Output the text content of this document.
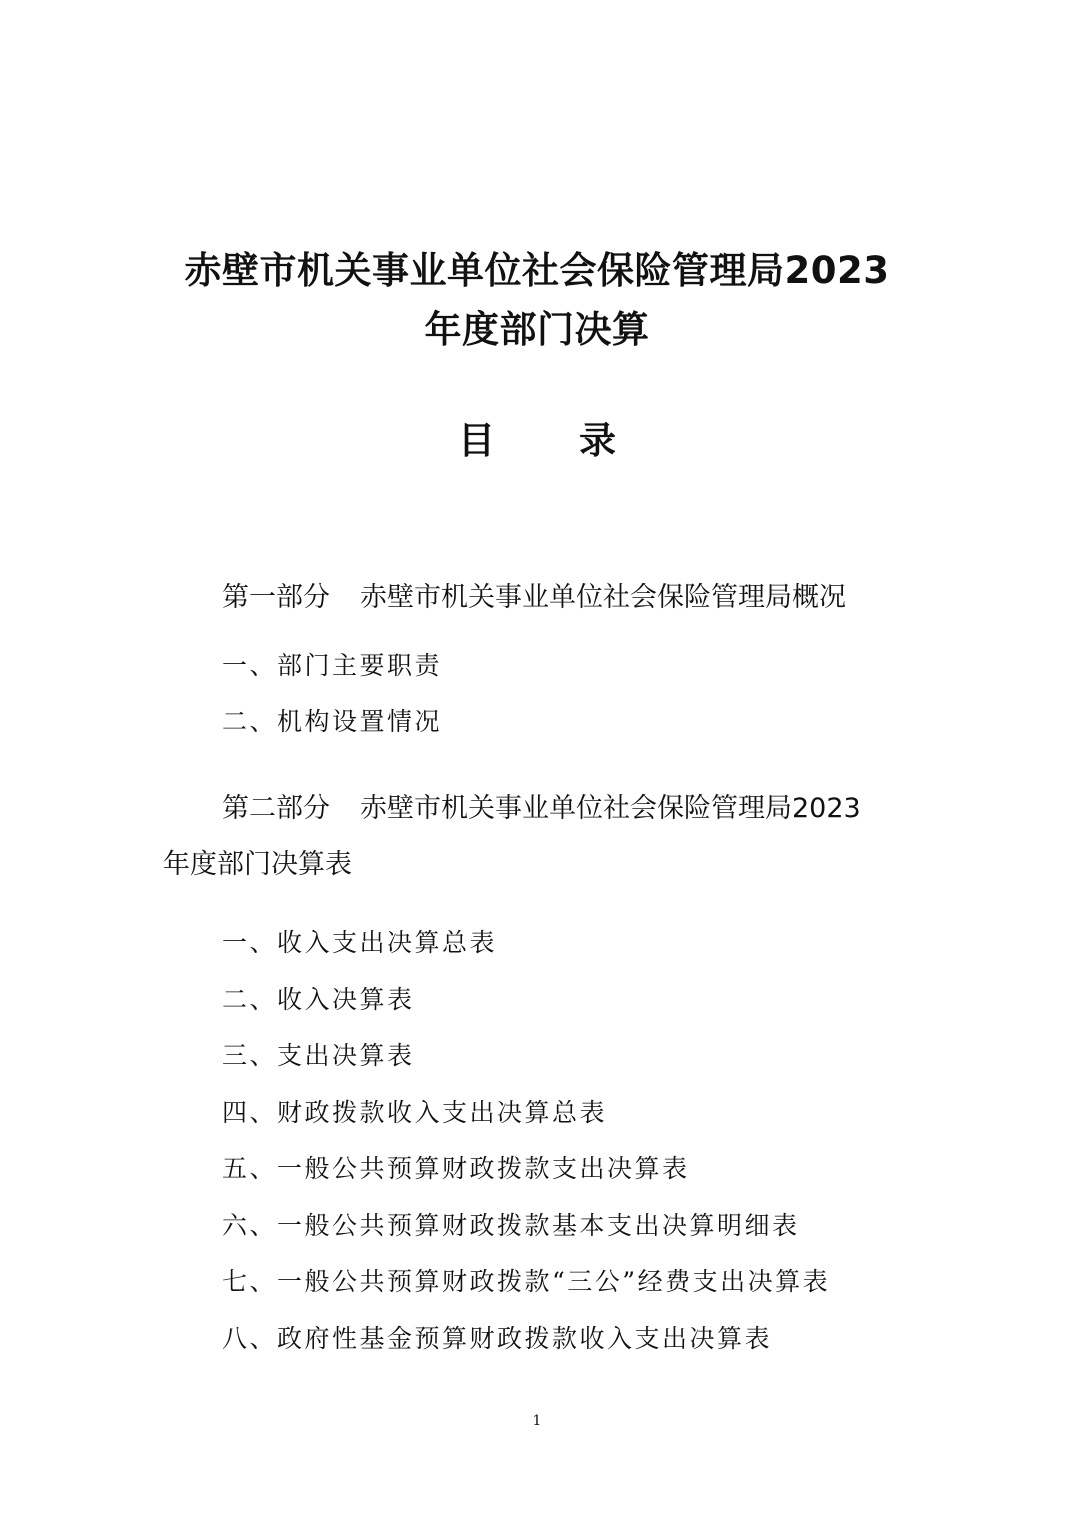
赤壁市机关事业单位社会保险管理局2023
年度部门决算
目 录
第一部分 赤壁市机关事业单位社会保险管理局概况
一、部门主要职责
二、机构设置情况
第二部分 赤壁市机关事业单位社会保险管理局2023
年度部门决算表
一、收入支出决算总表
二、收入决算表
三、支出决算表
四、财政拨款收入支出决算总表
五、一般公共预算财政拨款支出决算表
六、一般公共预算财政拨款基本支出决算明细表
七、一般公共预算财政拨款“三公”经费支出决算表
八、政府性基金预算财政拨款收入支出决算表
1
